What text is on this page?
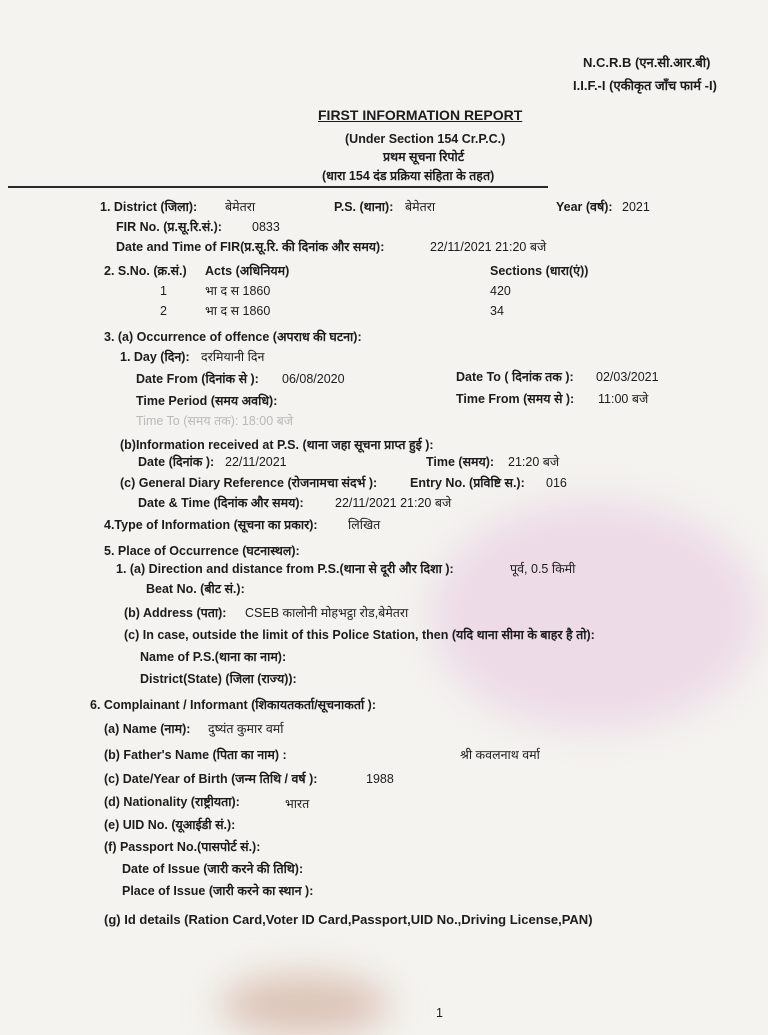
N.C.R.B (एन.सी.आर.बी)
I.I.F.-I (एकीकृत जाँच फार्म -I)
FIRST INFORMATION REPORT
(Under Section 154 Cr.P.C.)
प्रथम सूचना रिपोर्ट
(धारा 154 दंड प्रक्रिया संहिता के तहत)
1. District (जिला): बेमेतरा	P.S. (थाना): बेमेतरा	Year (वर्ष): 2021
FIR No. (प्र.सू.रि.सं.): 0833
Date and Time of FIR(प्र.सू.रि. की दिनांक और समय):	22/11/2021 21:20 बजे
2. S.No. (क्र.सं.) Acts (अधिनियम)	Sections (धारा(एं))
1	भा द स 1860	420
2	भा द स 1860	34
3. (a) Occurrence of offence (अपराध की घटना):
1. Day (दिन): दरमियानी दिन
Date From (दिनांक से ): 06/08/2020	Date To ( दिनांक तक ): 02/03/2021
Time Period (समय अवधि):	Time From (समय से ): 11:00 बजे
Time To (समय तक): 18:00 बजे
(b)Information received at P.S. (थाना जहा सूचना प्राप्त हुई ):
Date (दिनांक ): 22/11/2021	Time (समय): 21:20 बजे
(c) General Diary Reference (रोजनामचा संदर्भ ):	Entry No. (प्रविष्टि स.): 016
Date & Time (दिनांक और समय):	22/11/2021 21:20 बजे
4.Type of Information (सूचना का प्रकार): लिखित
5. Place of Occurrence (घटनास्थल):
1. (a) Direction and distance from P.S.(थाना से दूरी और दिशा ):	पूर्व, 0.5 किमी
Beat No. (बीट सं.):
(b) Address (पता): CSEB कालोनी मोहभट्ठा रोड,बेमेतरा
(c) In case, outside the limit of this Police Station, then (यदि थाना सीमा के बाहर है तो):
Name of P.S.(थाना का नाम):
District(State) (जिला (राज्य)):
6. Complainant / Informant (शिकायतकर्ता/सूचनाकर्ता ):
(a) Name (नाम): दुष्यंत कुमार वर्मा
(b) Father's Name (पिता का नाम) :	श्री कवलनाथ वर्मा
(c) Date/Year of Birth (जन्म तिथि / वर्ष ):	1988
(d) Nationality (राष्ट्रीयता):	भारत
(e) UID No. (यूआईडी सं.):
(f) Passport No.(पासपोर्ट सं.):
Date of Issue (जारी करने की तिथि):
Place of Issue (जारी करने का स्थान ):
(g) Id details (Ration Card,Voter ID Card,Passport,UID No.,Driving License,PAN)
1
